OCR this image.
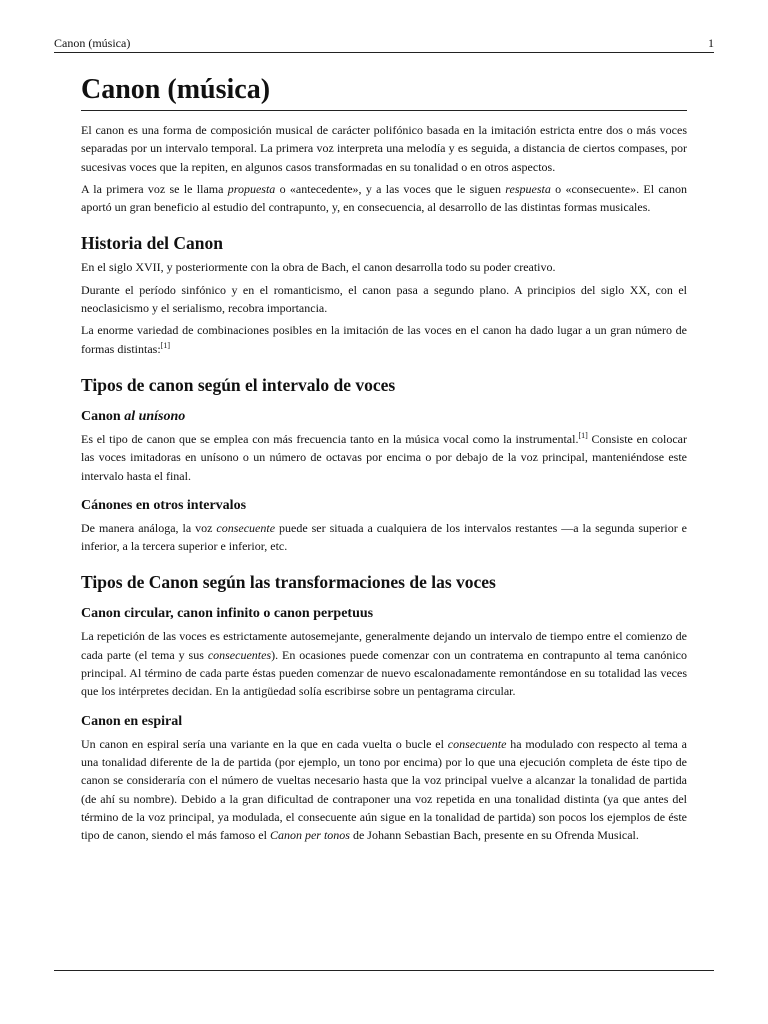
Canon (música)	1
Canon (música)

El canon es una forma de composición musical de carácter polifónico basada en la imitación estricta entre dos o más voces separadas por un intervalo temporal. La primera voz interpreta una melodía y es seguida, a distancia de ciertos compases, por sucesivas voces que la repiten, en algunos casos transformadas en su tonalidad o en otros aspectos.

A la primera voz se le llama propuesta o «antecedente», y a las voces que le siguen respuesta o «consecuente». El canon aportó un gran beneficio al estudio del contrapunto, y, en consecuencia, al desarrollo de las distintas formas musicales.

Historia del Canon

En el siglo XVII, y posteriormente con la obra de Bach, el canon desarrolla todo su poder creativo.

Durante el período sinfónico y en el romanticismo, el canon pasa a segundo plano. A principios del siglo XX, con el neoclasicismo y el serialismo, recobra importancia.

La enorme variedad de combinaciones posibles en la imitación de las voces en el canon ha dado lugar a un gran número de formas distintas:[1]

Tipos de canon según el intervalo de voces
Canon al unísono

Es el tipo de canon que se emplea con más frecuencia tanto en la música vocal como la instrumental.[1] Consiste en colocar las voces imitadoras en unísono o un número de octavas por encima o por debajo de la voz principal, manteniéndose este intervalo hasta el final.

Cánones en otros intervalos

De manera análoga, la voz consecuente puede ser situada a cualquiera de los intervalos restantes —a la segunda superior e inferior, a la tercera superior e inferior, etc.

Tipos de Canon según las transformaciones de las voces
Canon circular, canon infinito o canon perpetuus

La repetición de las voces es estrictamente autosemejante, generalmente dejando un intervalo de tiempo entre el comienzo de cada parte (el tema y sus consecuentes). En ocasiones puede comenzar con un contratema en contrapunto al tema canónico principal. Al término de cada parte éstas pueden comenzar de nuevo escalonadamente remontándose en su totalidad las veces que los intérpretes decidan. En la antigüedad solía escribirse sobre un pentagrama circular.

Canon en espiral

Un canon en espiral sería una variante en la que en cada vuelta o bucle el consecuente ha modulado con respecto al tema a una tonalidad diferente de la de partida (por ejemplo, un tono por encima) por lo que una ejecución completa de éste tipo de canon se consideraría con el número de vueltas necesario hasta que la voz principal vuelve a alcanzar la tonalidad de partida (de ahí su nombre). Debido a la gran dificultad de contraponer una voz repetida en una tonalidad distinta (ya que antes del término de la voz principal, ya modulada, el consecuente aún sigue en la tonalidad de partida) son pocos los ejemplos de éste tipo de canon, siendo el más famoso el Canon per tonos de Johann Sebastian Bach, presente en su Ofrenda Musical.
